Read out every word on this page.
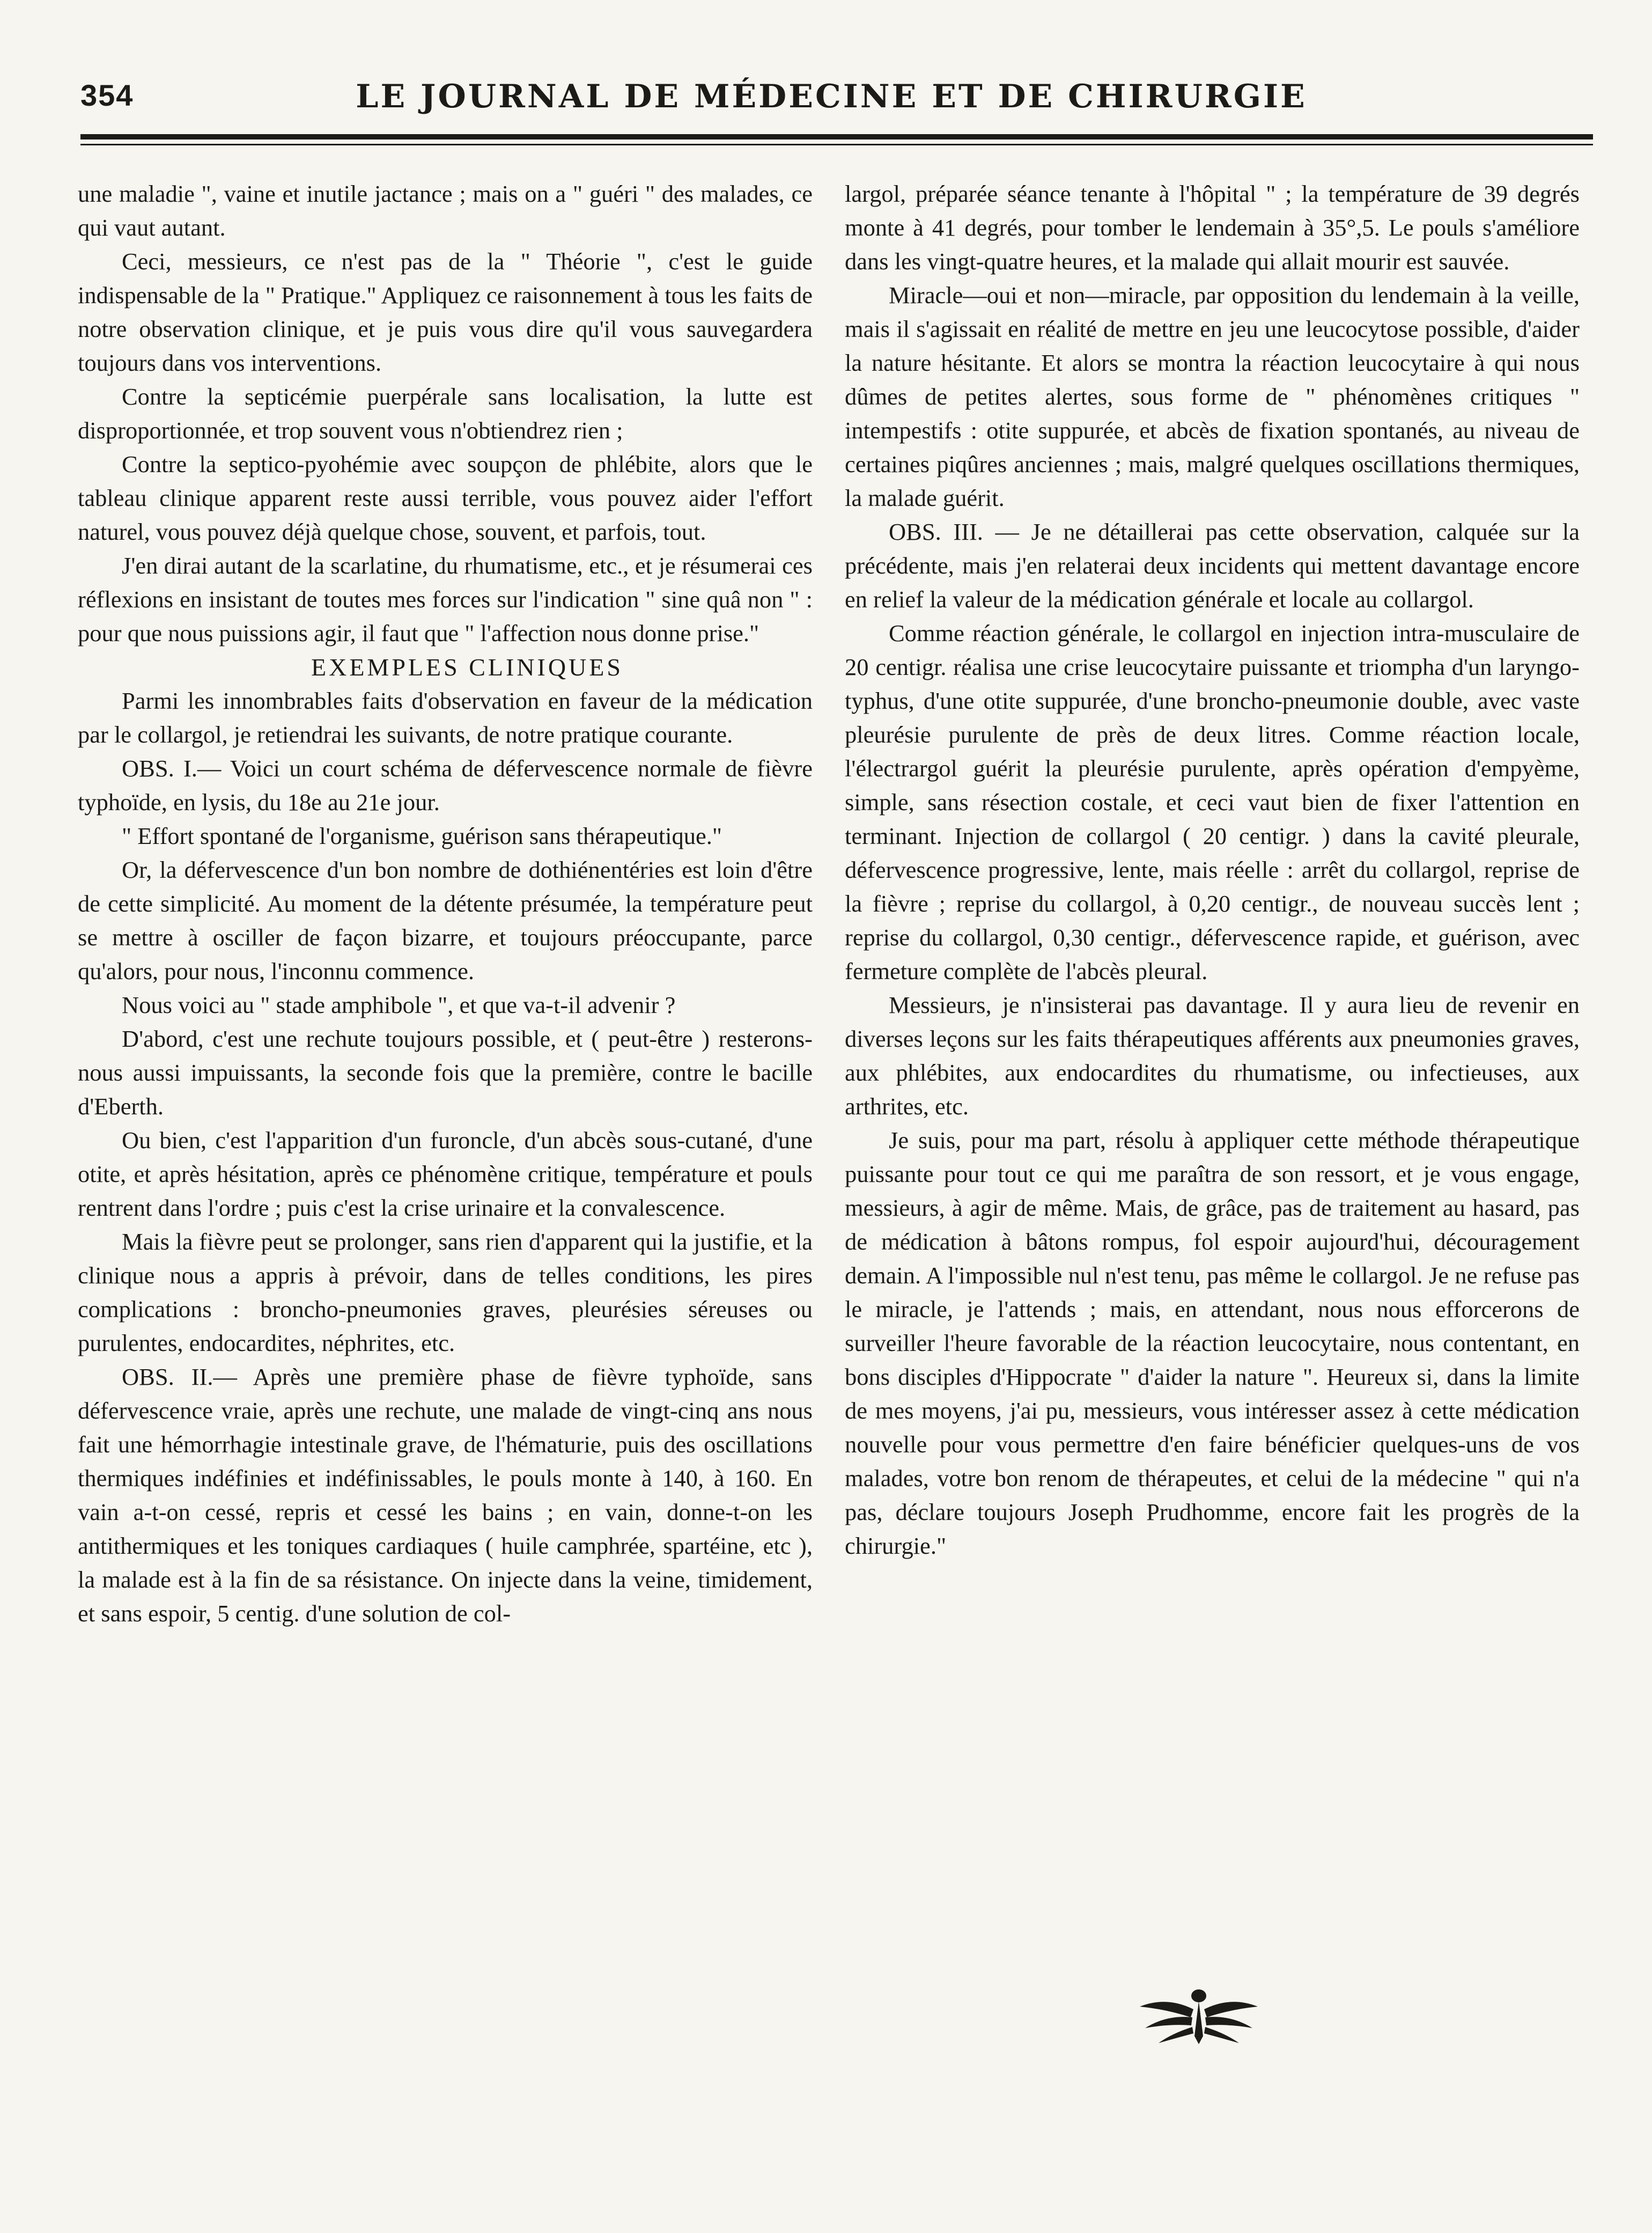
354	LE JOURNAL DE MÉDECINE ET DE CHIRURGIE

une maladie ", vaine et inutile jactance ; mais on a " guéri " des malades, ce qui vaut autant.

Ceci, messieurs, ce n'est pas de la " Théorie ", c'est le guide indispensable de la " Pratique." Appliquez ce raisonnement à tous les faits de notre observation clinique, et je puis vous dire qu'il vous sauvegardera toujours dans vos interventions.

Contre la septicémie puerpérale sans localisation, la lutte est disproportionnée, et trop souvent vous n'obtiendrez rien ;

Contre la septico-pyohémie avec soupçon de phlébite, alors que le tableau clinique apparent reste aussi terrible, vous pouvez aider l'effort naturel, vous pouvez déjà quelque chose, souvent, et parfois, tout.

J'en dirai autant de la scarlatine, du rhumatisme, etc., et je résumerai ces réflexions en insistant de toutes mes forces sur l'indication " sine quâ non " : pour que nous puissions agir, il faut que " l'affection nous donne prise."

EXEMPLES CLINIQUES

Parmi les innombrables faits d'observation en faveur de la médication par le collargol, je retiendrai les suivants, de notre pratique courante.

OBS. I.— Voici un court schéma de défervescence normale de fièvre typhoïde, en lysis, du 18e au 21e jour.

" Effort spontané de l'organisme, guérison sans thérapeutique."

Or, la défervescence d'un bon nombre de dothiénentéries est loin d'être de cette simplicité. Au moment de la détente présumée, la température peut se mettre à osciller de façon bizarre, et toujours préoccupante, parce qu'alors, pour nous, l'inconnu commence.

Nous voici au " stade amphibole ", et que va-t-il advenir ?

D'abord, c'est une rechute toujours possible, et ( peut-être ) resterons-nous aussi impuissants, la seconde fois que la première, contre le bacille d'Eberth.

Ou bien, c'est l'apparition d'un furoncle, d'un abcès sous-cutané, d'une otite, et après hésitation, après ce phénomène critique, température et pouls rentrent dans l'ordre ; puis c'est la crise urinaire et la convalescence.

Mais la fièvre peut se prolonger, sans rien d'apparent qui la justifie, et la clinique nous a appris à prévoir, dans de telles conditions, les pires complications : broncho-pneumonies graves, pleurésies séreuses ou purulentes, endocardites, néphrites, etc.

OBS. II.— Après une première phase de fièvre typhoïde, sans défervescence vraie, après une rechute, une malade de vingt-cinq ans nous fait une hémorrhagie intestinale grave, de l'hématurie, puis des oscillations thermiques indéfinies et indéfinissables, le pouls monte à 140, à 160. En vain a-t-on cessé, repris et cessé les bains ; en vain, donne-t-on les antithermiques et les toniques cardiaques ( huile camphrée, spartéine, etc ), la malade est à la fin de sa résistance. On injecte dans la veine, timidement, et sans espoir, 5 centig. d'une solution de col-

largol, préparée séance tenante à l'hôpital " ; la température de 39 degrés monte à 41 degrés, pour tomber le lendemain à 35°,5. Le pouls s'améliore dans les vingt-quatre heures, et la malade qui allait mourir est sauvée.

Miracle—oui et non—miracle, par opposition du lendemain à la veille, mais il s'agissait en réalité de mettre en jeu une leucocytose possible, d'aider la nature hésitante. Et alors se montra la réaction leucocytaire à qui nous dûmes de petites alertes, sous forme de " phénomènes critiques " intempestifs : otite suppurée, et abcès de fixation spontanés, au niveau de certaines piqûres anciennes ; mais, malgré quelques oscillations thermiques, la malade guérit.

OBS. III. — Je ne détaillerai pas cette observation, calquée sur la précédente, mais j'en relaterai deux incidents qui mettent davantage encore en relief la valeur de la médication générale et locale au collargol.

Comme réaction générale, le collargol en injection intra-musculaire de 20 centigr. réalisa une crise leucocytaire puissante et triompha d'un laryngo-typhus, d'une otite suppurée, d'une broncho-pneumonie double, avec vaste pleurésie purulente de près de deux litres. Comme réaction locale, l'électrargol guérit la pleurésie purulente, après opération d'empyème, simple, sans résection costale, et ceci vaut bien de fixer l'attention en terminant. Injection de collargol ( 20 centigr. ) dans la cavité pleurale, défervescence progressive, lente, mais réelle : arrêt du collargol, reprise de la fièvre ; reprise du collargol, à 0,20 centigr., de nouveau succès lent ; reprise du collargol, 0,30 centigr., défervescence rapide, et guérison, avec fermeture complète de l'abcès pleural.

Messieurs, je n'insisterai pas davantage. Il y aura lieu de revenir en diverses leçons sur les faits thérapeutiques afférents aux pneumonies graves, aux phlébites, aux endocardites du rhumatisme, ou infectieuses, aux arthrites, etc.

Je suis, pour ma part, résolu à appliquer cette méthode thérapeutique puissante pour tout ce qui me paraîtra de son ressort, et je vous engage, messieurs, à agir de même. Mais, de grâce, pas de traitement au hasard, pas de médication à bâtons rompus, fol espoir aujourd'hui, découragement demain. A l'impossible nul n'est tenu, pas même le collargol. Je ne refuse pas le miracle, je l'attends ; mais, en attendant, nous nous efforcerons de surveiller l'heure favorable de la réaction leucocytaire, nous contentant, en bons disciples d'Hippocrate " d'aider la nature ". Heureux si, dans la limite de mes moyens, j'ai pu, messieurs, vous intéresser assez à cette médication nouvelle pour vous permettre d'en faire bénéficier quelques-uns de vos malades, votre bon renom de thérapeutes, et celui de la médecine " qui n'a pas, déclare toujours Joseph Prudhomme, encore fait les progrès de la chirurgie."
